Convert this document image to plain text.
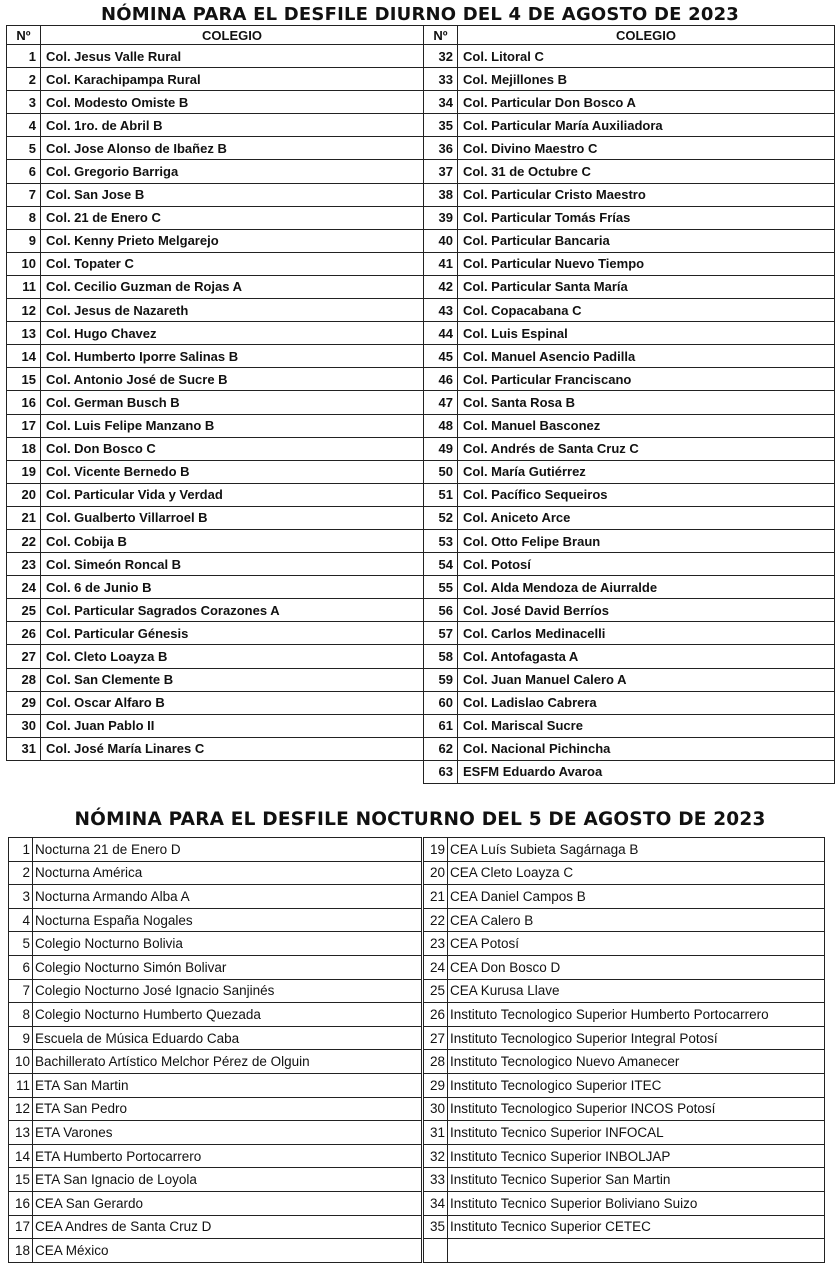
NÓMINA PARA EL DESFILE DIURNO DEL 4 DE AGOSTO DE 2023
Nº	COLEGIO
1	Col. Jesus Valle Rural
2	Col. Karachipampa Rural
3	Col. Modesto Omiste B
4	Col. 1ro. de Abril B
5	Col. Jose Alonso de Ibañez B
6	Col. Gregorio Barriga
7	Col. San Jose B
8	Col. 21 de Enero C
9	Col. Kenny Prieto Melgarejo
10	Col. Topater C
11	Col. Cecilio Guzman de Rojas A
12	Col. Jesus de Nazareth
13	Col. Hugo Chavez
14	Col. Humberto Iporre Salinas B
15	Col. Antonio José de Sucre B
16	Col. German Busch B
17	Col. Luis Felipe Manzano B
18	Col. Don Bosco C
19	Col. Vicente Bernedo B
20	Col. Particular Vida y Verdad
21	Col. Gualberto Villarroel B
22	Col. Cobija B
23	Col. Simeón Roncal B
24	Col. 6 de Junio B
25	Col. Particular Sagrados Corazones A
26	Col. Particular Génesis
27	Col. Cleto Loayza B
28	Col. San Clemente B
29	Col. Oscar Alfaro B
30	Col. Juan Pablo II
31	Col. José María Linares C
Nº	COLEGIO
32	Col. Litoral C
33	Col. Mejillones B
34	Col. Particular Don Bosco A
35	Col. Particular María Auxiliadora
36	Col. Divino Maestro C
37	Col. 31 de Octubre C
38	Col. Particular Cristo Maestro
39	Col. Particular Tomás Frías
40	Col. Particular Bancaria
41	Col. Particular Nuevo Tiempo
42	Col. Particular Santa María
43	Col. Copacabana C
44	Col. Luis Espinal
45	Col. Manuel Asencio Padilla
46	Col. Particular Franciscano
47	Col. Santa Rosa B
48	Col. Manuel Basconez
49	Col. Andrés de Santa Cruz C
50	Col. María Gutiérrez
51	Col. Pacífico Sequeiros
52	Col. Aniceto Arce
53	Col. Otto Felipe Braun
54	Col. Potosí
55	Col. Alda Mendoza de Aiurralde
56	Col. José David Berríos
57	Col. Carlos Medinacelli
58	Col. Antofagasta A
59	Col. Juan Manuel Calero A
60	Col. Ladislao Cabrera
61	Col. Mariscal Sucre
62	Col. Nacional Pichincha
63	ESFM Eduardo Avaroa
NÓMINA PARA EL DESFILE NOCTURNO DEL 5 DE AGOSTO DE 2023
1	Nocturna 21 de Enero D
2	Nocturna América
3	Nocturna Armando Alba A
4	Nocturna España Nogales
5	Colegio Nocturno Bolivia
6	Colegio Nocturno Simón Bolivar
7	Colegio Nocturno José Ignacio Sanjinés
8	Colegio Nocturno Humberto Quezada
9	Escuela de Música Eduardo Caba
10	Bachillerato Artístico Melchor Pérez de Olguin
11	ETA San Martin
12	ETA San Pedro
13	ETA Varones
14	ETA Humberto Portocarrero
15	ETA San Ignacio de Loyola
16	CEA San Gerardo
17	CEA Andres de Santa Cruz D
18	CEA México
19	CEA Luís Subieta Sagárnaga B
20	CEA Cleto Loayza C
21	CEA Daniel Campos B
22	CEA Calero B
23	CEA Potosí
24	CEA Don Bosco D
25	CEA Kurusa Llave
26	Instituto Tecnologico Superior Humberto Portocarrero
27	Instituto Tecnologico Superior Integral Potosí
28	Instituto Tecnologico Nuevo Amanecer
29	Instituto Tecnologico Superior ITEC
30	Instituto Tecnologico Superior INCOS Potosí
31	Instituto Tecnico Superior INFOCAL
32	Instituto Tecnico Superior INBOLJAP
33	Instituto Tecnico Superior San Martin
34	Instituto Tecnico Superior Boliviano Suizo
35	Instituto Tecnico Superior CETEC
